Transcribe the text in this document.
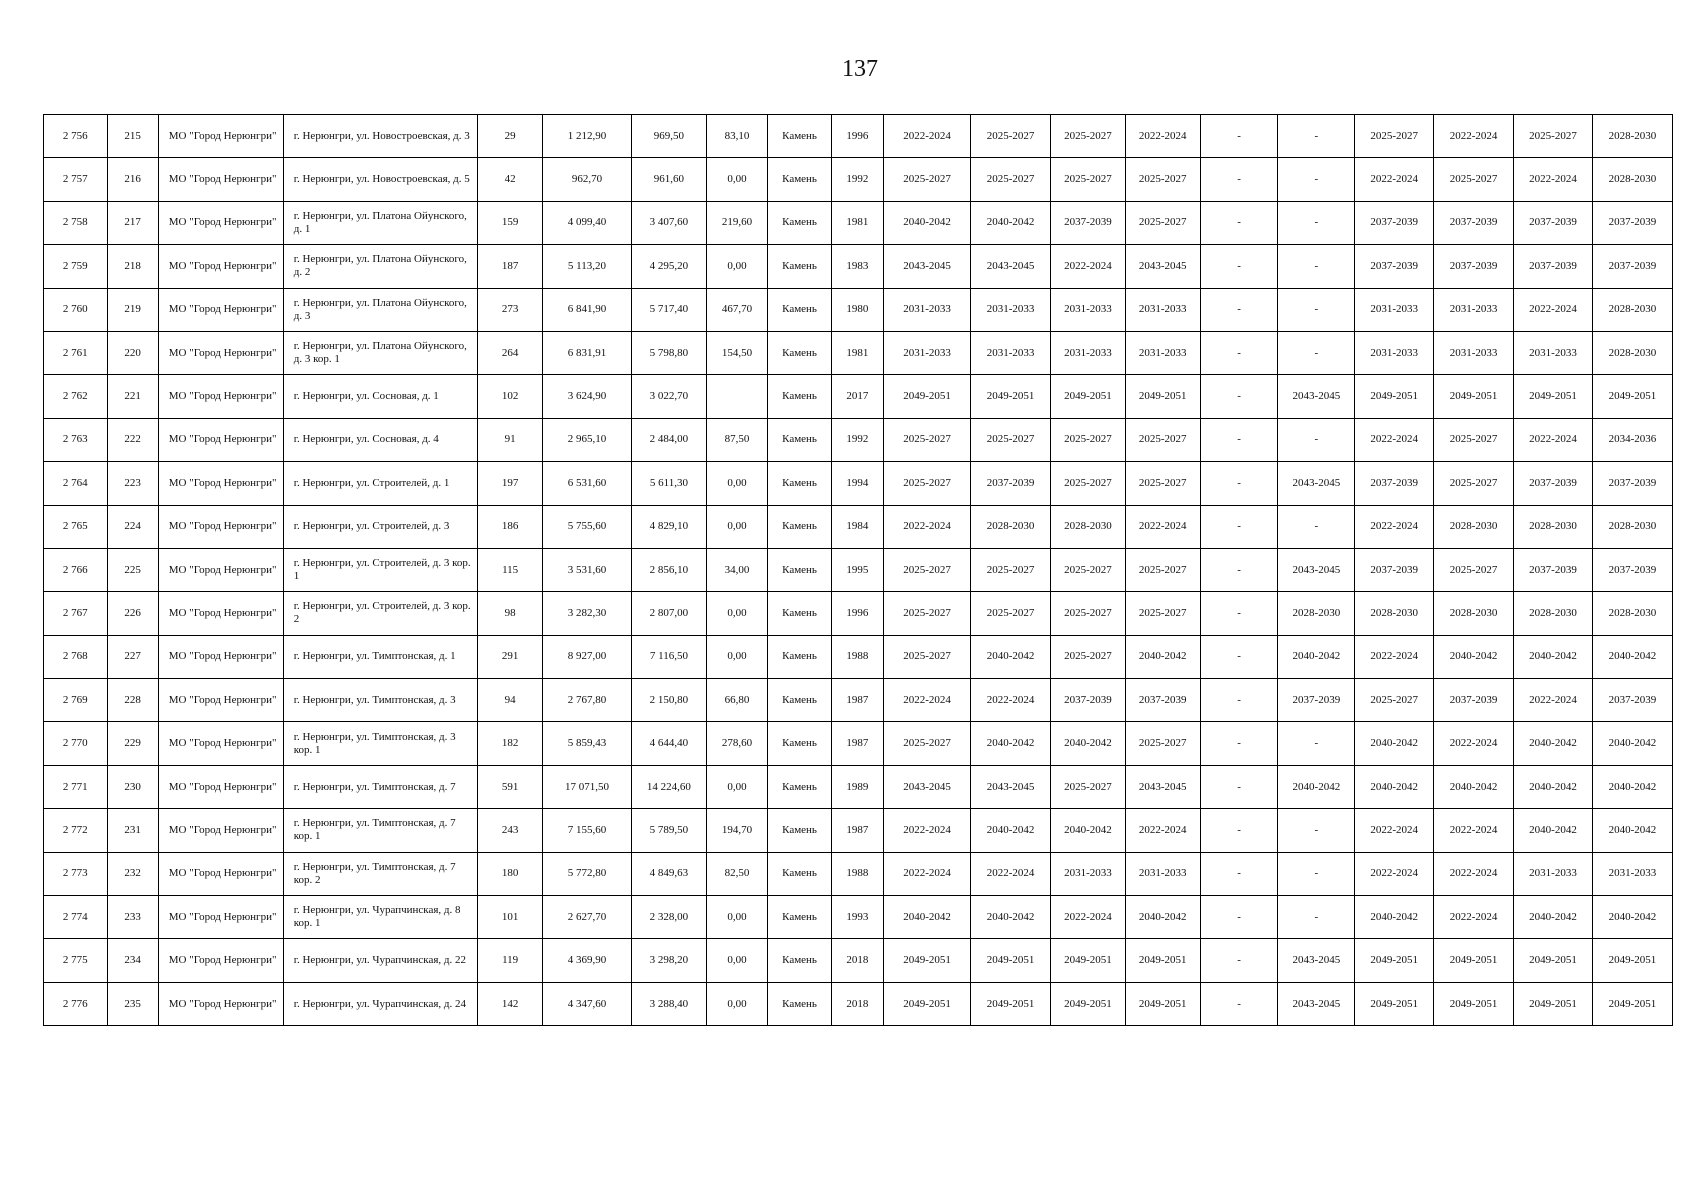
137
2 756	215	МО "Город Нерюнгри"	г. Нерюнгри, ул. Новостроевская, д. 3	29	1 212,90	969,50	83,10	Камень	1996	2022-2024	2025-2027	2025-2027	2022-2024	-	-	2025-2027	2022-2024	2025-2027	2028-2030
2 757	216	МО "Город Нерюнгри"	г. Нерюнгри, ул. Новостроевская, д. 5	42	962,70	961,60	0,00	Камень	1992	2025-2027	2025-2027	2025-2027	2025-2027	-	-	2022-2024	2025-2027	2022-2024	2028-2030
2 758	217	МО "Город Нерюнгри"	г. Нерюнгри, ул. Платона Ойунского, д. 1	159	4 099,40	3 407,60	219,60	Камень	1981	2040-2042	2040-2042	2037-2039	2025-2027	-	-	2037-2039	2037-2039	2037-2039	2037-2039
2 759	218	МО "Город Нерюнгри"	г. Нерюнгри, ул. Платона Ойунского, д. 2	187	5 113,20	4 295,20	0,00	Камень	1983	2043-2045	2043-2045	2022-2024	2043-2045	-	-	2037-2039	2037-2039	2037-2039	2037-2039
2 760	219	МО "Город Нерюнгри"	г. Нерюнгри, ул. Платона Ойунского, д. 3	273	6 841,90	5 717,40	467,70	Камень	1980	2031-2033	2031-2033	2031-2033	2031-2033	-	-	2031-2033	2031-2033	2022-2024	2028-2030
2 761	220	МО "Город Нерюнгри"	г. Нерюнгри, ул. Платона Ойунского, д. 3 кор. 1	264	6 831,91	5 798,80	154,50	Камень	1981	2031-2033	2031-2033	2031-2033	2031-2033	-	-	2031-2033	2031-2033	2031-2033	2028-2030
2 762	221	МО "Город Нерюнгри"	г. Нерюнгри, ул. Сосновая, д. 1	102	3 624,90	3 022,70		Камень	2017	2049-2051	2049-2051	2049-2051	2049-2051	-	2043-2045	2049-2051	2049-2051	2049-2051	2049-2051
2 763	222	МО "Город Нерюнгри"	г. Нерюнгри, ул. Сосновая, д. 4	91	2 965,10	2 484,00	87,50	Камень	1992	2025-2027	2025-2027	2025-2027	2025-2027	-	-	2022-2024	2025-2027	2022-2024	2034-2036
2 764	223	МО "Город Нерюнгри"	г. Нерюнгри, ул. Строителей, д. 1	197	6 531,60	5 611,30	0,00	Камень	1994	2025-2027	2037-2039	2025-2027	2025-2027	-	2043-2045	2037-2039	2025-2027	2037-2039	2037-2039
2 765	224	МО "Город Нерюнгри"	г. Нерюнгри, ул. Строителей, д. 3	186	5 755,60	4 829,10	0,00	Камень	1984	2022-2024	2028-2030	2028-2030	2022-2024	-	-	2022-2024	2028-2030	2028-2030	2028-2030
2 766	225	МО "Город Нерюнгри"	г. Нерюнгри, ул. Строителей, д. 3 кор. 1	115	3 531,60	2 856,10	34,00	Камень	1995	2025-2027	2025-2027	2025-2027	2025-2027	-	2043-2045	2037-2039	2025-2027	2037-2039	2037-2039
2 767	226	МО "Город Нерюнгри"	г. Нерюнгри, ул. Строителей, д. 3 кор. 2	98	3 282,30	2 807,00	0,00	Камень	1996	2025-2027	2025-2027	2025-2027	2025-2027	-	2028-2030	2028-2030	2028-2030	2028-2030	2028-2030
2 768	227	МО "Город Нерюнгри"	г. Нерюнгри, ул. Тимптонская, д. 1	291	8 927,00	7 116,50	0,00	Камень	1988	2025-2027	2040-2042	2025-2027	2040-2042	-	2040-2042	2022-2024	2040-2042	2040-2042	2040-2042
2 769	228	МО "Город Нерюнгри"	г. Нерюнгри, ул. Тимптонская, д. 3	94	2 767,80	2 150,80	66,80	Камень	1987	2022-2024	2022-2024	2037-2039	2037-2039	-	2037-2039	2025-2027	2037-2039	2022-2024	2037-2039
2 770	229	МО "Город Нерюнгри"	г. Нерюнгри, ул. Тимптонская, д. 3 кор. 1	182	5 859,43	4 644,40	278,60	Камень	1987	2025-2027	2040-2042	2040-2042	2025-2027	-	-	2040-2042	2022-2024	2040-2042	2040-2042
2 771	230	МО "Город Нерюнгри"	г. Нерюнгри, ул. Тимптонская, д. 7	591	17 071,50	14 224,60	0,00	Камень	1989	2043-2045	2043-2045	2025-2027	2043-2045	-	2040-2042	2040-2042	2040-2042	2040-2042	2040-2042
2 772	231	МО "Город Нерюнгри"	г. Нерюнгри, ул. Тимптонская, д. 7 кор. 1	243	7 155,60	5 789,50	194,70	Камень	1987	2022-2024	2040-2042	2040-2042	2022-2024	-	-	2022-2024	2022-2024	2040-2042	2040-2042
2 773	232	МО "Город Нерюнгри"	г. Нерюнгри, ул. Тимптонская, д. 7 кор. 2	180	5 772,80	4 849,63	82,50	Камень	1988	2022-2024	2022-2024	2031-2033	2031-2033	-	-	2022-2024	2022-2024	2031-2033	2031-2033
2 774	233	МО "Город Нерюнгри"	г. Нерюнгри, ул. Чурапчинская, д. 8 кор. 1	101	2 627,70	2 328,00	0,00	Камень	1993	2040-2042	2040-2042	2022-2024	2040-2042	-	-	2040-2042	2022-2024	2040-2042	2040-2042
2 775	234	МО "Город Нерюнгри"	г. Нерюнгри, ул. Чурапчинская, д. 22	119	4 369,90	3 298,20	0,00	Камень	2018	2049-2051	2049-2051	2049-2051	2049-2051	-	2043-2045	2049-2051	2049-2051	2049-2051	2049-2051
2 776	235	МО "Город Нерюнгри"	г. Нерюнгри, ул. Чурапчинская, д. 24	142	4 347,60	3 288,40	0,00	Камень	2018	2049-2051	2049-2051	2049-2051	2049-2051	-	2043-2045	2049-2051	2049-2051	2049-2051	2049-2051
